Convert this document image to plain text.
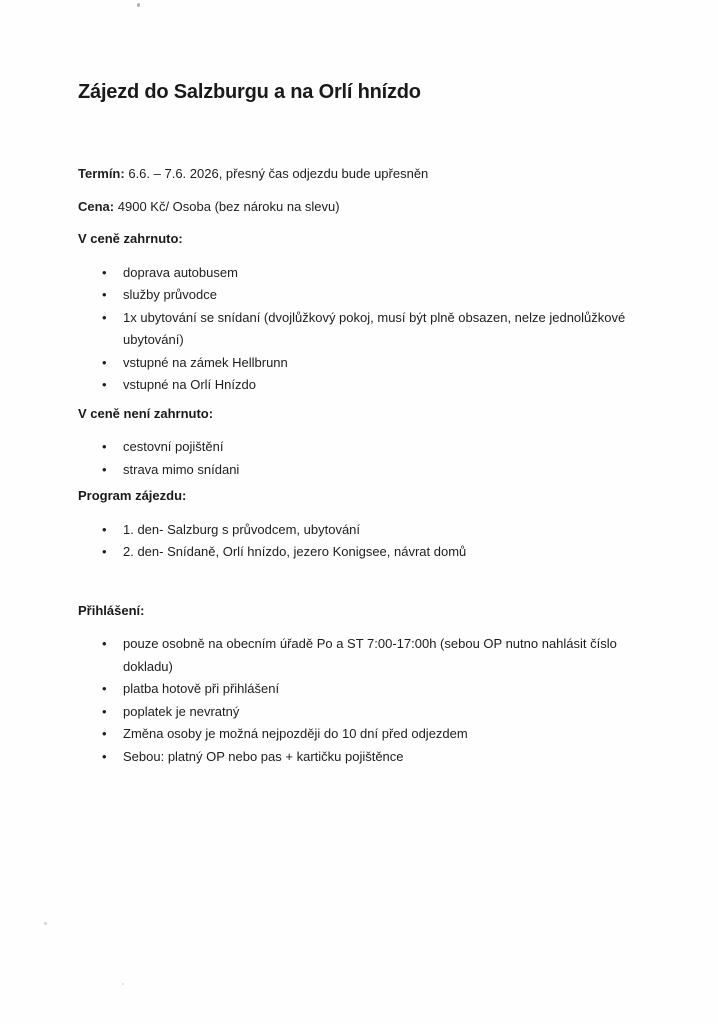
Zájezd do Salzburgu a na Orlí hnízdo

Termín: 6.6. – 7.6. 2026, přesný čas odjezdu bude upřesněn

Cena: 4900 Kč/ Osoba (bez nároku na slevu)

V ceně zahrnuto:
• doprava autobusem
• služby průvodce
• 1x ubytování se snídaní (dvojlůžkový pokoj, musí být plně obsazen, nelze jednolůžkové ubytování)
• vstupné na zámek Hellbrunn
• vstupné na Orlí Hnízdo
V ceně není zahrnuto:
• cestovní pojištění
• strava mimo snídani
Program zájezdu:
• 1. den- Salzburg s průvodcem, ubytování
• 2. den- Snídaně, Orlí hnízdo, jezero Konigsee, návrat domů
Přihlášení:
• pouze osobně na obecním úřadě Po a ST 7:00-17:00h (sebou OP nutno nahlásit číslo dokladu)
• platba hotově při přihlášení
• poplatek je nevratný
• Změna osoby je možná nejpozději do 10 dní před odjezdem
• Sebou: platný OP nebo pas + kartičku pojištěnce
